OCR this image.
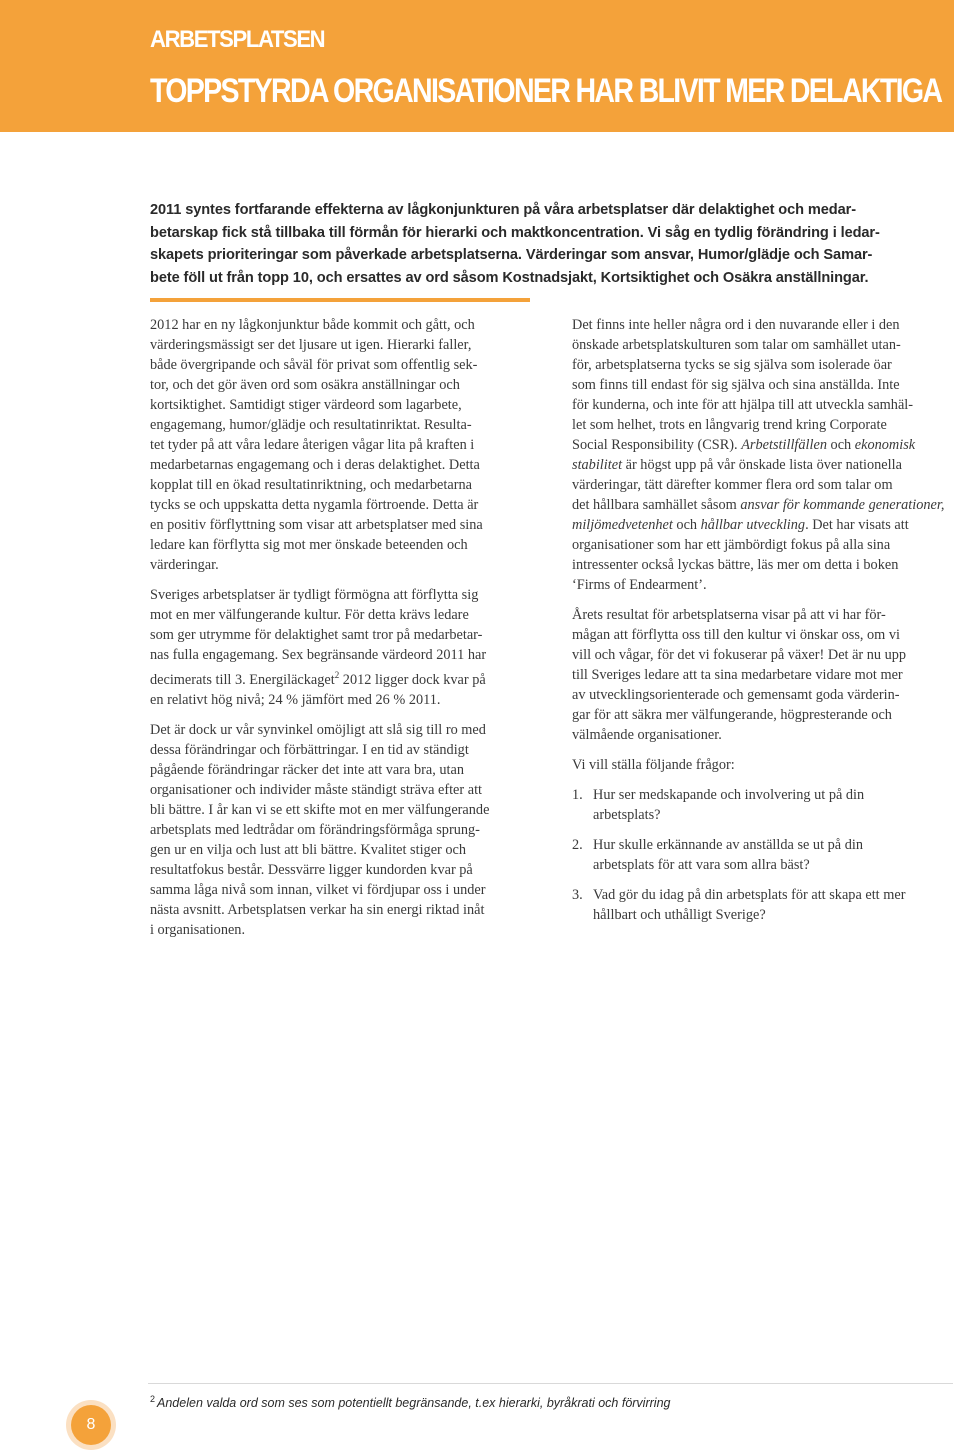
ARBETSPLATSEN
TOPPSTYRDA ORGANISATIONER HAR BLIVIT MER DELAKTIGA

2011 syntes fortfarande effekterna av lågkonjunkturen på våra arbetsplatser där delaktighet och medar-
betarskap fick stå tillbaka till förmån för hierarki och maktkoncentration. Vi såg en tydlig förändring i ledar-
skapets prioriteringar som påverkade arbetsplatserna. Värderingar som ansvar, Humor/glädje och Samar-
bete föll ut från topp 10, och ersattes av ord såsom Kostnadsjakt, Kortsiktighet och Osäkra anställningar.

2012 har en ny lågkonjunktur både kommit och gått, och
värderingsmässigt ser det ljusare ut igen. Hierarki faller,
både övergripande och såväl för privat som offentlig sek-
tor, och det gör även ord som osäkra anställningar och
kortsiktighet. Samtidigt stiger värdeord som lagarbete,
engagemang, humor/glädje och resultatinriktat. Resulta-
tet tyder på att våra ledare återigen vågar lita på kraften i
medarbetarnas engagemang och i deras delaktighet. Detta
kopplat till en ökad resultatinriktning, och medarbetarna
tycks se och uppskatta detta nygamla förtroende. Detta är
en positiv förflyttning som visar att arbetsplatser med sina
ledare kan förflytta sig mot mer önskade beteenden och
värderingar.

Sveriges arbetsplatser är tydligt förmögna att förflytta sig
mot en mer välfungerande kultur. För detta krävs ledare
som ger utrymme för delaktighet samt tror på medarbetar-
nas fulla engagemang. Sex begränsande värdeord 2011 har
decimerats till 3. Energiläckaget$^2$ 2012 ligger dock kvar på
en relativt hög nivå; 24 % jämfört med 26 % 2011.

Det är dock ur vår synvinkel omöjligt att slå sig till ro med
dessa förändringar och förbättringar. I en tid av ständigt
pågående förändringar räcker det inte att vara bra, utan
organisationer och individer måste ständigt sträva efter att
bli bättre. I år kan vi se ett skifte mot en mer välfungerande
arbetsplats med ledtrådar om förändringsförmåga sprung-
gen ur en vilja och lust att bli bättre. Kvalitet stiger och
resultatfokus består. Dessvärre ligger kundorden kvar på
samma låga nivå som innan, vilket vi fördjupar oss i under
nästa avsnitt. Arbetsplatsen verkar ha sin energi riktad inåt
i organisationen.

Det finns inte heller några ord i den nuvarande eller i den
önskade arbetsplatskulturen som talar om samhället utan-
för, arbetsplatserna tycks se sig själva som isolerade öar
som finns till endast för sig själva och sina anställda. Inte
för kunderna, och inte för att hjälpa till att utveckla samhäl-
let som helhet, trots en långvarig trend kring Corporate
Social Responsibility (CSR). Arbetstillfällen och ekonomisk
stabilitet är högst upp på vår önskade lista över nationella
värderingar, tätt därefter kommer flera ord som talar om
det hållbara samhället såsom ansvar för kommande generationer,
miljömedvetenhet och hållbar utveckling. Det har visats att
organisationer som har ett jämbördigt fokus på alla sina
intressenter också lyckas bättre, läs mer om detta i boken
‘Firms of Endearment’.

Årets resultat för arbetsplatserna visar på att vi har för-
mågan att förflytta oss till den kultur vi önskar oss, om vi
vill och vågar, för det vi fokuserar på växer! Det är nu upp
till Sveriges ledare att ta sina medarbetare vidare mot mer
av utvecklingsorienterade och gemensamt goda värderin-
gar för att säkra mer välfungerande, högpresterande och
välmående organisationer.

Vi vill ställa följande frågor:

1. Hur ser medskapande och involvering ut på din
arbetsplats?
2. Hur skulle erkännande av anställda se ut på din
arbetsplats för att vara som allra bäst?
3. Vad gör du idag på din arbetsplats för att skapa ett mer
hållbart och uthålligt Sverige?
$^2$ Andelen valda ord som ses som potentiellt begränsande, t.ex hierarki, byråkrati och förvirring
8
